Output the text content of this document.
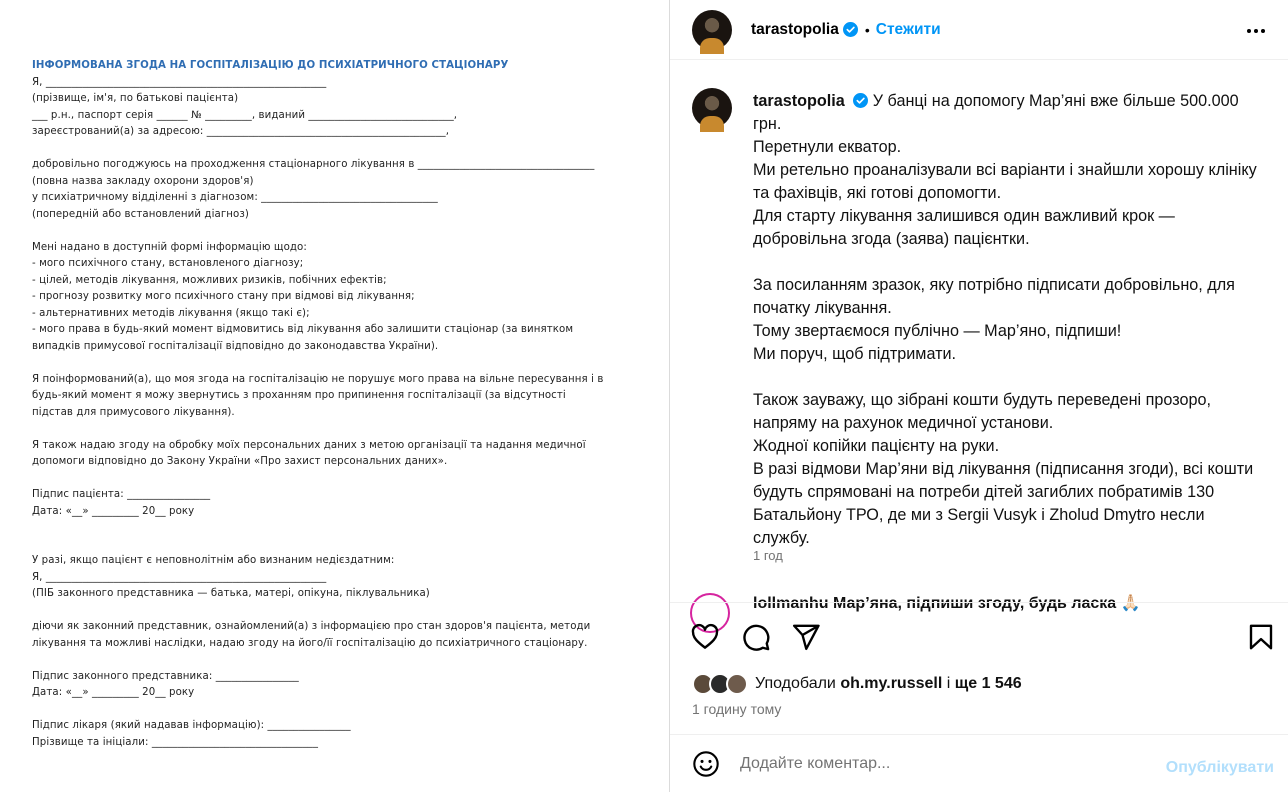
ІНФОРМОВАНА ЗГОДА НА ГОСПІТАЛІЗАЦІЮ ДО ПСИХІАТРИЧНОГО СТАЦІОНАРУ
Я, ______________________________________________________
(прізвище, ім'я, по батькові пацієнта)
___ р.н., паспорт серія ______ № _________, виданий ____________________________,
зареєстрований(а) за адресою: ______________________________________________,
добровільно погоджуюсь на проходження стаціонарного лікування в __________________________________
(повна назва закладу охорони здоров'я)
у психіатричному відділенні з діагнозом: __________________________________
(попередній або встановлений діагноз)
Мені надано в доступній формі інформацію щодо:
- мого психічного стану, встановленого діагнозу;
- цілей, методів лікування, можливих ризиків, побічних ефектів;
- прогнозу розвитку мого психічного стану при відмові від лікування;
- альтернативних методів лікування (якщо такі є);
- мого права в будь-який момент відмовитись від лікування або залишити стаціонар (за винятком
випадків примусової госпіталізації відповідно до законодавства України).
Я поінформований(а), що моя згода на госпіталізацію не порушує мого права на вільне пересування і в
будь-який момент я можу звернутись з проханням про припинення госпіталізації (за відсутності
підстав для примусового лікування).
Я також надаю згоду на обробку моїх персональних даних з метою організації та надання медичної
допомоги відповідно до Закону України «Про захист персональних даних».
Підпис пацієнта: ________________
Дата: «__» _________ 20__ року
У разі, якщо пацієнт є неповнолітнім або визнаним недієздатним:
Я, ______________________________________________________
(ПІБ законного представника — батька, матері, опікуна, піклувальника)
діючи як законний представник, ознайомлений(а) з інформацією про стан здоров'я пацієнта, методи
лікування та можливі наслідки, надаю згоду на його/її госпіталізацію до психіатричного стаціонару.
Підпис законного представника: ________________
Дата: «__» _________ 20__ року
Підпис лікаря (який надавав інформацію): ________________
Прізвище та ініціали: ________________________________
tarastopolia • Стежити
tarastopolia У банці на допомогу Мар’яні вже більше 500.000 грн.
Перетнули екватор.
Ми ретельно проаналізували всі варіанти і знайшли хорошу клініку та фахівців, які готові допомогти.
Для старту лікування залишився один важливий крок — добровільна згода (заява) пацієнтки.

За посиланням зразок, яку потрібно підписати добровільно, для початку лікування.
Тому звертаємося публічно — Мар’яно, підпиши!
Ми поруч, щоб підтримати.

Також зауважу, що зібрані кошти будуть переведені прозоро, напряму на рахунок медичної установи.
Жодної копійки пацієнту на руки.
В разі відмови Мар’яни від лікування (підписання згоди), всі кошти будуть спрямовані на потреби дітей загиблих побратимів 130 Батальйону ТРО, де ми з Sergii Vusyk і Zholud Dmytro несли службу.
1 год
lollmanhu Мар’яна, підпиши згоду, будь ласка 🙏🏻
Уподобали oh.my.russell і ще 1 546
1 годину тому
Додайте коментар...
Опублікувати
